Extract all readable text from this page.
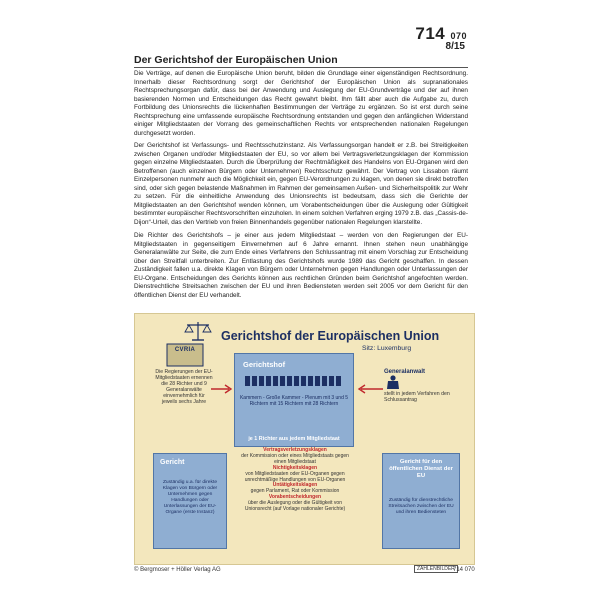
714 070
8/15
Der Gerichtshof der Europäischen Union
Die Verträge, auf denen die Europäische Union beruht, bilden die Grundlage einer eigenständigen Rechtsordnung. Innerhalb dieser Rechtsordnung sorgt der Gerichtshof der Europäischen Union als supranationales Rechtsprechungsorgan dafür, dass bei der Anwendung und Auslegung der EU-Grundverträge und der auf ihnen basierenden Normen und Entscheidungen das Recht gewahrt bleibt. Ihm fällt aber auch die Aufgabe zu, durch Fortbildung des Unionsrechts die lückenhaften Bestimmungen der Verträge zu ergänzen. So ist erst durch seine Rechtsprechung eine umfassende europäische Rechtsordnung entstanden und gegen den anfänglichen Widerstand einiger Mitgliedstaaten der Vorrang des gemeinschaftlichen Rechts vor entsprechenden nationalen Regelungen durchgesetzt worden.
Der Gerichtshof ist Verfassungs- und Rechtsschutzinstanz. Als Verfassungsorgan handelt er z.B. bei Streitigkeiten zwischen Organen und/oder Mitgliedstaaten der EU, so vor allem bei Vertragsverletzungsklagen der Kommission gegen einzelne Mitgliedstaaten. Durch die Überprüfung der Rechtmäßigkeit des Handelns von EU-Organen wird den Betroffenen (auch einzelnen Bürgern oder Unternehmen) Rechtsschutz gewährt. Der Vertrag von Lissabon räumt Einzelpersonen nunmehr auch die Möglichkeit ein, gegen EU-Verordnungen zu klagen, von denen sie direkt betroffen sind, oder sich gegen belastende Maßnahmen im Rahmen der gemeinsamen Außen- und Sicherheitspolitik zur Wehr zu setzen. Für die einheitliche Anwendung des Unionsrechts ist bedeutsam, dass sich die Gerichte der Mitgliedstaaten an den Gerichtshof wenden können, um Vorabentscheidungen über die Auslegung oder Gültigkeit bestimmter europäischer Rechtsvorschriften einzuholen. In einem solchen Verfahren erging 1979 z.B. das „Cassis-de-Dijon“-Urteil, das den Vertrieb von freien Binnenhandels gegenüber nationalen Regelungen klarstellte.
Die Richter des Gerichtshofs – je einer aus jedem Mitgliedstaat – werden von den Regierungen der EU-Mitgliedstaaten in gegenseitigem Einvernehmen auf 6 Jahre ernannt. Ihnen stehen neun unabhängige Generalanwälte zur Seite, die zum Ende eines Verfahrens den Schlussantrag mit einem Vorschlag zur Entscheidung über den Streitfall unterbreiten. Zur Entlastung des Gerichtshofs wurde 1989 das Gericht geschaffen. In dessen Zuständigkeit fallen u.a. direkte Klagen von Bürgern oder Unternehmen gegen Handlungen oder Unterlassungen der EU-Organe. Entscheidungen des Gerichts können aus rechtlichen Gründen beim Gerichtshof angefochten werden. Dienstrechtliche Streitsachen zwischen der EU und ihren Bediensteten werden seit 2005 vor dem Gericht für den öffentlichen Dienst der EU verhandelt.
CVRIA
Gerichtshof der Europäischen Union
Sitz: Luxemburg
Die Regierungen der EU-Mitgliedstaaten ernennen die 28 Richter und 9 Generalanwälte einvernehmlich für jeweils sechs Jahre
Gerichtshof
Kammern - Große Kammer - Plenum mit 3 und 5 Richtern mit 15 Richtern mit 28 Richtern
je 1 Richter aus jedem Mitgliedstaat
Generalanwalt
stellt in jedem Verfahren den Schlussantrag
Gericht
Zuständig u.a. für direkte Klagen von Bürgern oder Unternehmen gegen Handlungen oder Unterlassungen der EU-Organe (erste Instanz)
Vertragsverletzungsklagen
der Kommission oder eines Mitgliedstaats gegen einen Mitgliedstaat
Nichtigkeitsklagen
von Mitgliedstaaten oder EU-Organen gegen unrechtmäßige Handlungen von EU-Organen
Untätigkeitsklagen
gegen Parlament, Rat oder Kommission
Vorabentscheidungen
über die Auslegung oder die Gültigkeit von Unionsrecht (auf Vorlage nationaler Gerichte)
Gericht für den öffentlichen Dienst der EU
Zuständig für dienstrechtliche Streitsachen zwischen der EU und ihren Bediensteten
© Bergmoser + Höller Verlag AG	ZAHLENBILDER
714 070
